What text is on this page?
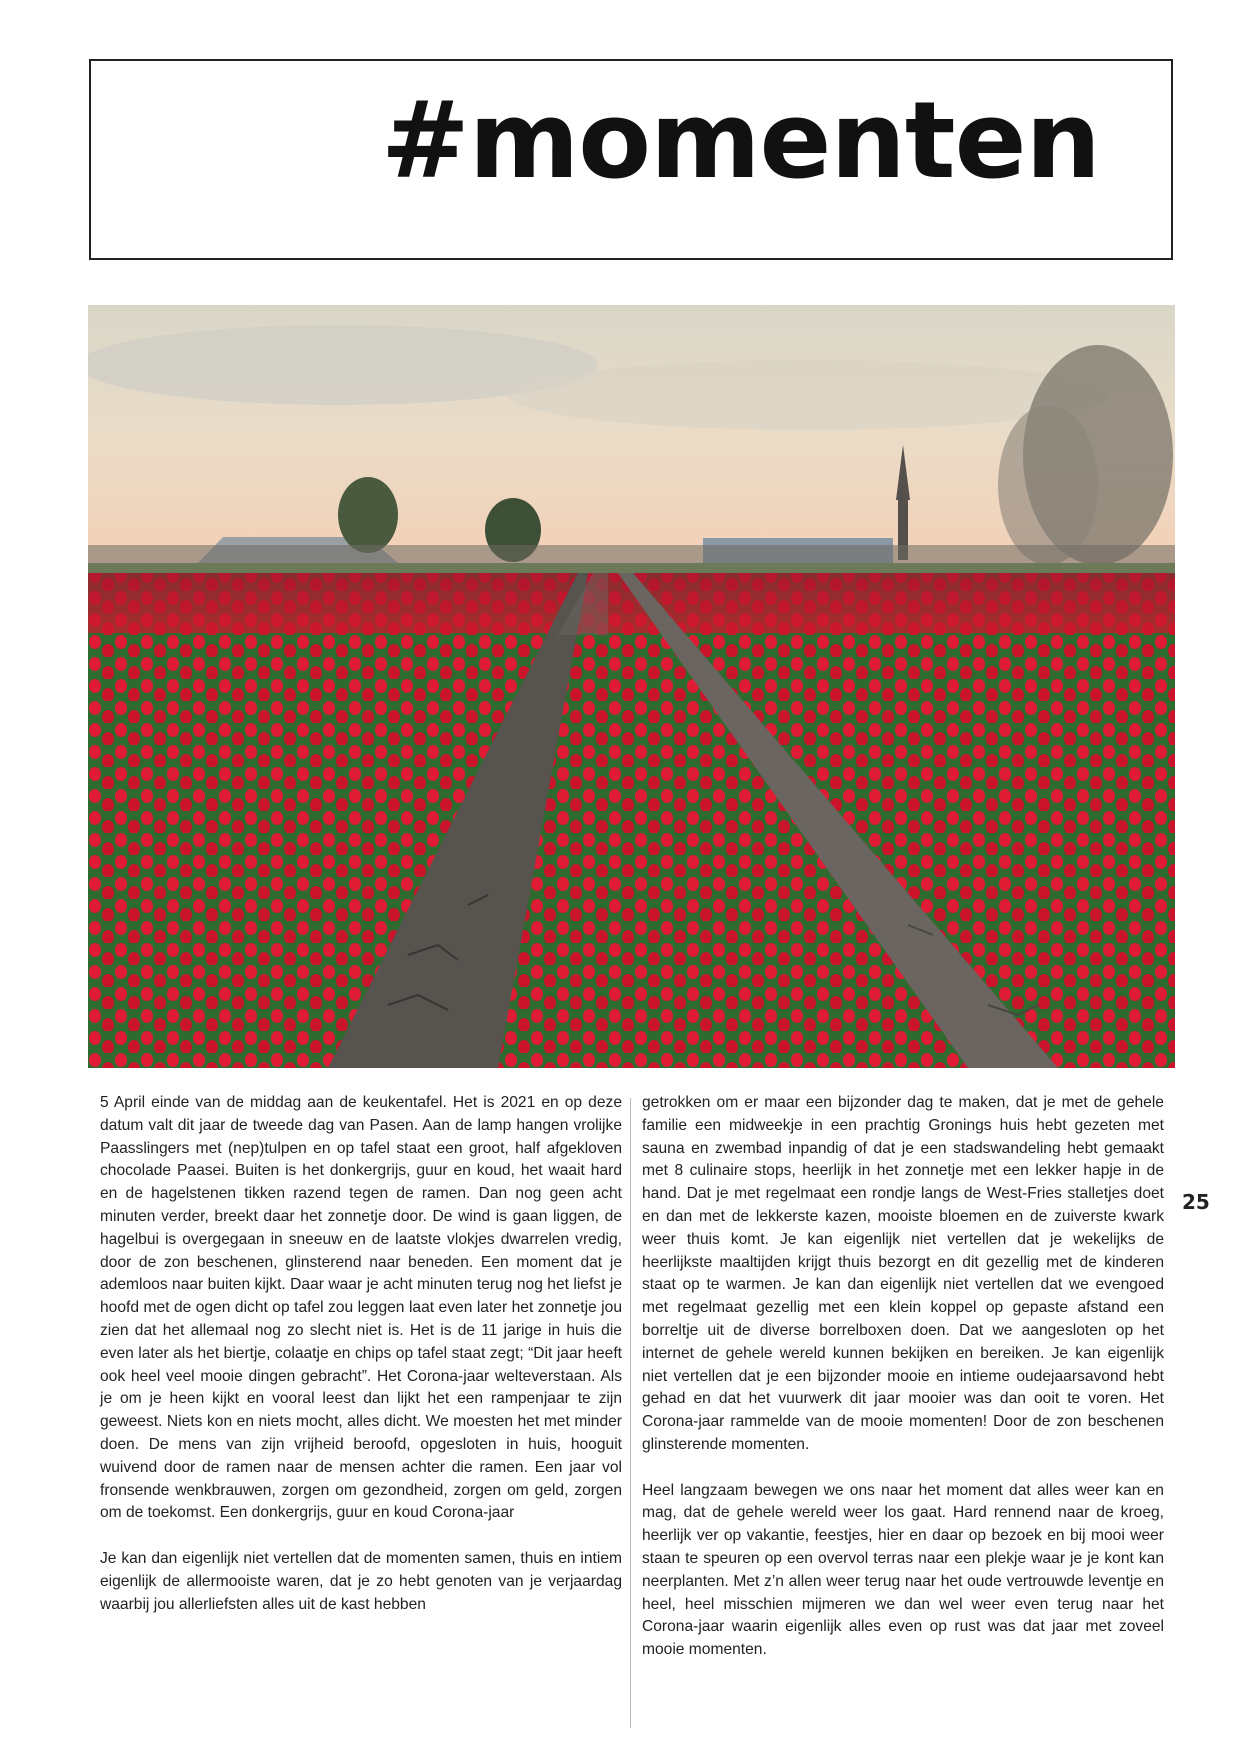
#momenten

5 April einde van de middag aan de keukentafel. Het is 2021 en op deze datum valt dit jaar de tweede dag van Pasen. Aan de lamp hangen vrolijke Paasslingers met (nep)tulpen en op tafel staat een groot, half afgekloven chocolade Paasei. Buiten is het donkergrijs, guur en koud, het waait hard en de hagelstenen tikken razend tegen de ramen. Dan nog geen acht minuten verder, breekt daar het zonnetje door. De wind is gaan liggen, de hagelbui is overgegaan in sneeuw en de laatste vlokjes dwarrelen vredig, door de zon beschenen, glinsterend naar beneden. Een moment dat je ademloos naar buiten kijkt. Daar waar je acht minuten terug nog het liefst je hoofd met de ogen dicht op tafel zou leggen laat even later het zonnetje jou zien dat het allemaal nog zo slecht niet is. Het is de 11 jarige in huis die even later als het biertje, colaatje en chips op tafel staat zegt; “Dit jaar heeft ook heel veel mooie dingen gebracht”. Het Corona-jaar welteverstaan. Als je om je heen kijkt en vooral leest dan lijkt het een rampenjaar te zijn geweest. Niets kon en niets mocht, alles dicht. We moesten het met minder doen. De mens van zijn vrijheid beroofd, opgesloten in huis, hooguit wuivend door de ramen naar de mensen achter die ramen. Een jaar vol fronsende wenkbrauwen, zorgen om gezondheid, zorgen om geld, zorgen om de toekomst. Een donkergrijs, guur en koud Corona-jaar

Je kan dan eigenlijk niet vertellen dat de momenten samen, thuis en intiem eigenlijk de allermooiste waren, dat je zo hebt genoten van je verjaardag waarbij jou allerliefsten alles uit de kast hebben

getrokken om er maar een bijzonder dag te maken, dat je met de gehele familie een midweekje in een prachtig Gronings huis hebt gezeten met sauna en zwembad inpandig of dat je een stadswandeling hebt gemaakt met 8 culinaire stops, heerlijk in het zonnetje met een lekker hapje in de hand. Dat je met regelmaat een rondje langs de West-Fries stalletjes doet en dan met de lekkerste kazen, mooiste bloemen en de zuiverste kwark weer thuis komt. Je kan eigenlijk niet vertellen dat je wekelijks de heerlijkste maaltijden krijgt thuis bezorgt en dit gezellig met de kinderen staat op te warmen. Je kan dan eigenlijk niet vertellen dat we evengoed met regelmaat gezellig met een klein koppel op gepaste afstand een borreltje uit de diverse borrelboxen doen. Dat we aangesloten op het internet de gehele wereld kunnen bekijken en bereiken. Je kan eigenlijk niet vertellen dat je een bijzonder mooie en intieme oudejaarsavond hebt gehad en dat het vuurwerk dit jaar mooier was dan ooit te voren. Het Corona-jaar rammelde van de mooie momenten! Door de zon beschenen glinsterende momenten.

Heel langzaam bewegen we ons naar het moment dat alles weer kan en mag, dat de gehele wereld weer los gaat. Hard rennend naar de kroeg, heerlijk ver op vakantie, feestjes, hier en daar op bezoek en bij mooi weer staan te speuren op een overvol terras naar een plekje waar je je kont kan neerplanten. Met z’n allen weer terug naar het oude vertrouwde leventje en heel, heel misschien mijmeren we dan wel weer even terug naar het Corona-jaar waarin eigenlijk alles even op rust was dat jaar met zoveel mooie momenten.

25
